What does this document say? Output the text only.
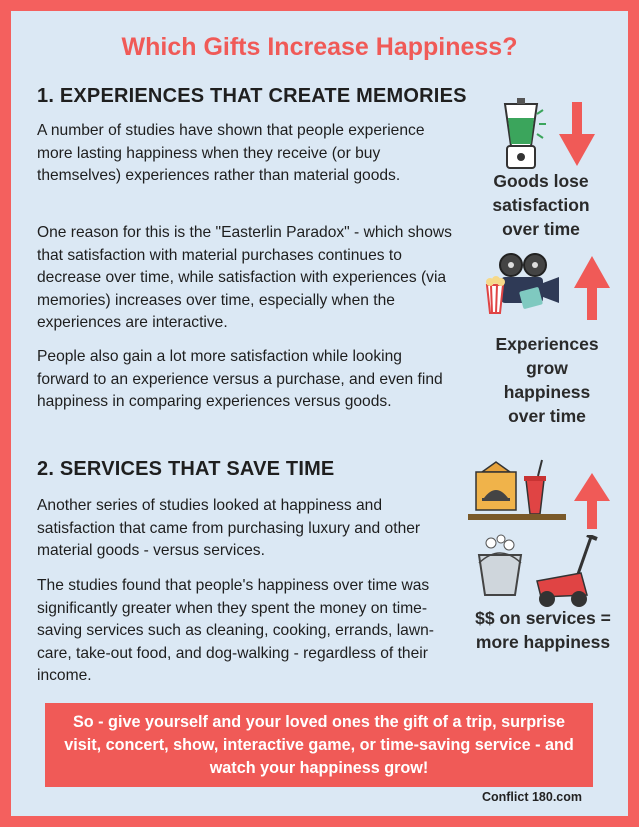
Which Gifts Increase Happiness?
1. EXPERIENCES THAT CREATE MEMORIES

A number of studies have shown that people experience more lasting happiness when they receive (or buy themselves) experiences rather than material goods.

One reason for this is the "Easterlin Paradox" - which shows that satisfaction with material purchases continues to decrease over time, while satisfaction with experiences (via memories) increases over time, especially when the experiences are interactive.

People also gain a lot more satisfaction while looking forward to an experience versus a purchase, and even find happiness in comparing experiences versus goods.

2. SERVICES THAT SAVE TIME

Another series of studies looked at happiness and satisfaction that came from purchasing luxury and other material goods - versus services.

The studies found that people's happiness over time was significantly greater when they spent the money on time-saving services such as cleaning, cooking, errands, lawn-care, take-out food, and dog-walking - regardless of their income.

Goods lose satisfaction over time

Experiences grow happiness over time

$$ on services = more happiness

So - give yourself and your loved ones the gift of a trip, surprise visit, concert, show, interactive game, or time-saving service - and watch your happiness grow!

Conflict 180.com
